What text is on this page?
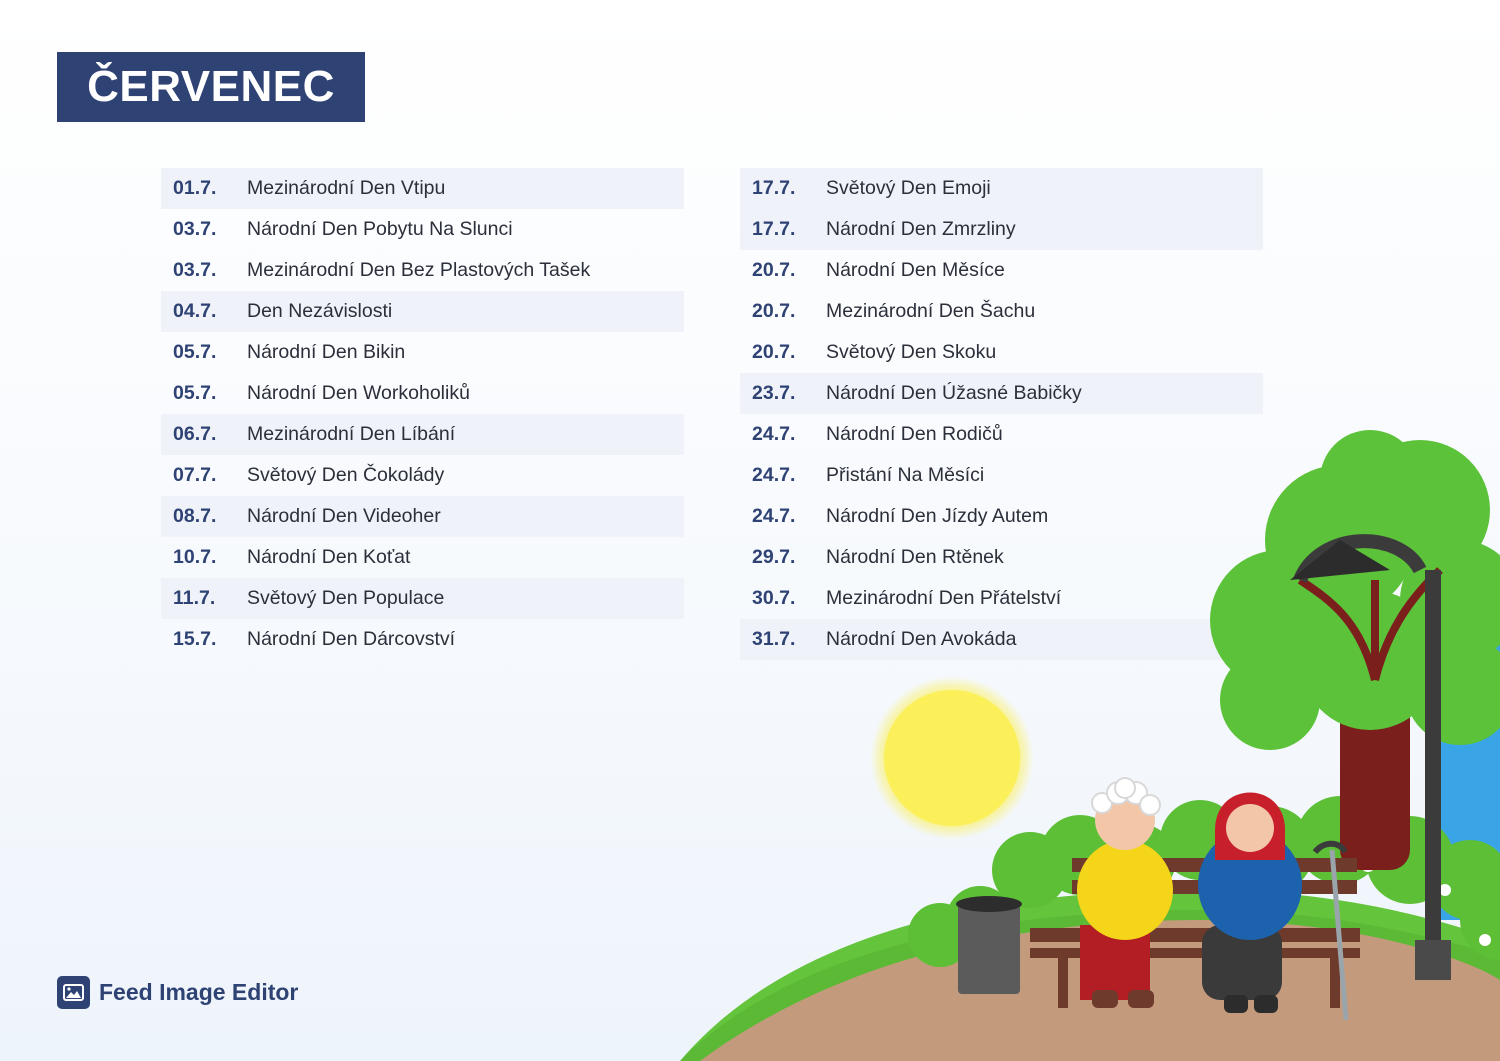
ČERVENEC
01.7.	Mezinárodní Den Vtipu
03.7.	Národní Den Pobytu Na Slunci
03.7.	Mezinárodní Den Bez Plastových Tašek
04.7.	Den Nezávislosti
05.7.	Národní Den Bikin
05.7.	Národní Den Workoholiků
06.7.	Mezinárodní Den Líbání
07.7.	Světový Den Čokolády
08.7.	Národní Den Videoher
10.7.	Národní Den Koťat
11.7.	Světový Den Populace
15.7.	Národní Den Dárcovství
17.7.	Světový Den Emoji
17.7.	Národní Den Zmrzliny
20.7.	Národní Den Měsíce
20.7.	Mezinárodní Den Šachu
20.7.	Světový Den Skoku
23.7.	Národní Den Úžasné Babičky
24.7.	Národní Den Rodičů
24.7.	Přistání Na Měsíci
24.7.	Národní Den Jízdy Autem
29.7.	Národní Den Rtěnek
30.7.	Mezinárodní Den Přátelství
31.7.	Národní Den Avokáda
Feed Image Editor
